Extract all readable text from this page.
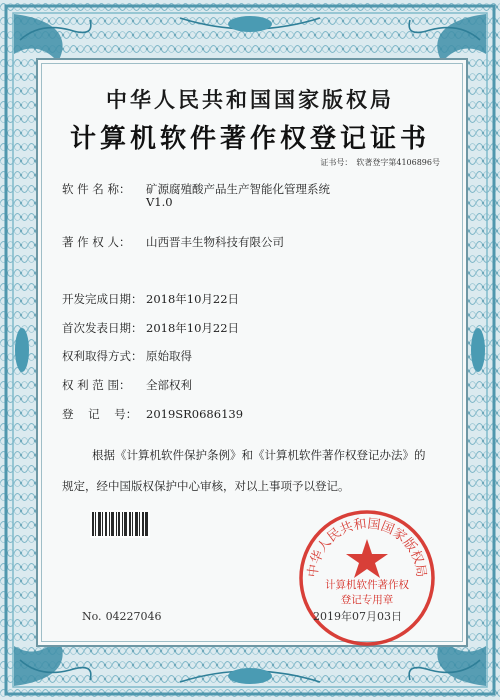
中华人民共和国国家版权局
计算机软件著作权登记证书
证书号： 软著登字第4106896号
软 件 名 称： 矿源腐殖酸产品生产智能化管理系统
V1.0
著 作 权 人： 山西晋丰生物科技有限公司
开发完成日期： 2018年10月22日
首次发表日期： 2018年10月22日
权利取得方式： 原始取得
权 利 范 围： 全部权利
登    记    号： 2019SR0686139
根据《计算机软件保护条例》和《计算机软件著作权登记办法》的
规定，经中国版权保护中心审核，对以上事项予以登记。
中华人民共和国国家版权局
计算机软件著作权
登记专用章
No. 04227046	2019年07月03日
